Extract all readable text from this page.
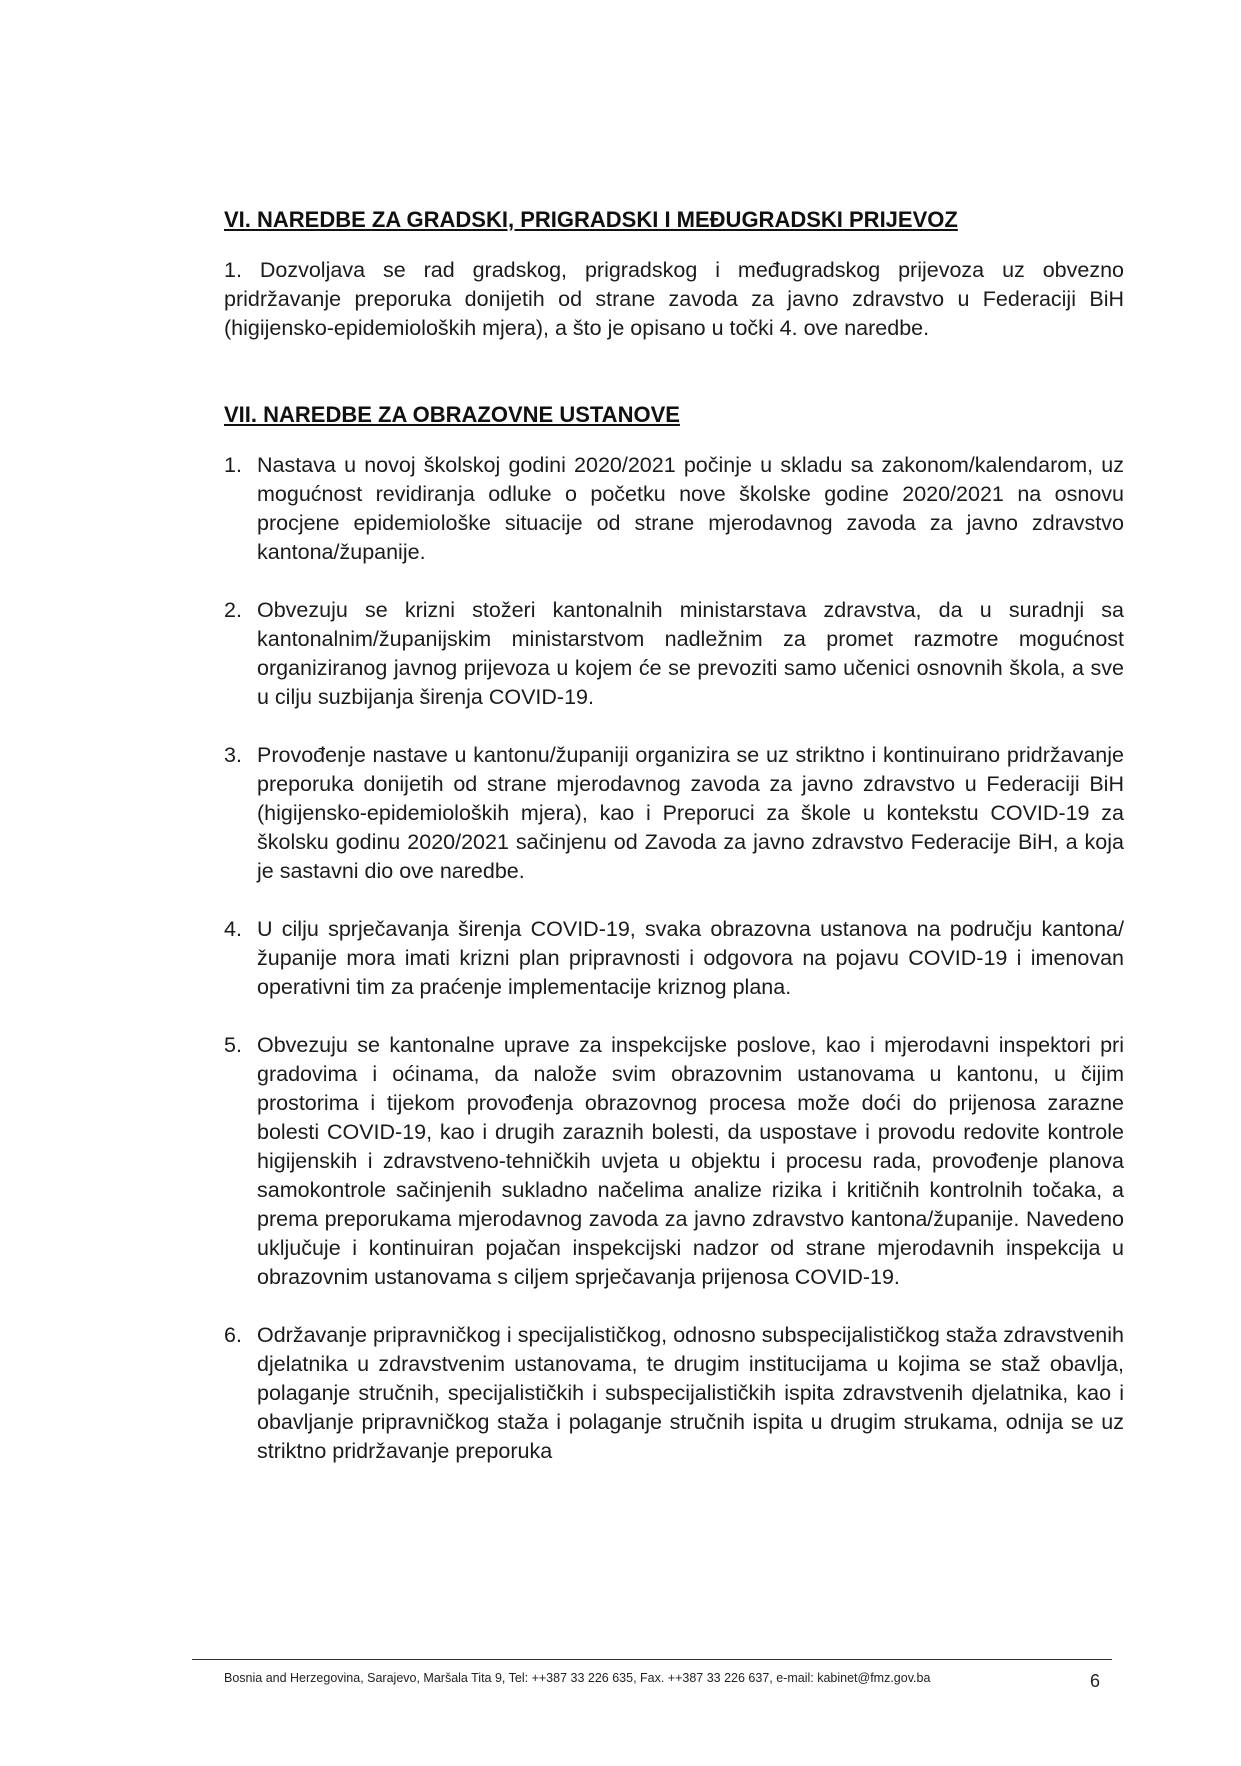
VI. NAREDBE ZA GRADSKI, PRIGRADSKI I MEĐUGRADSKI PRIJEVOZ

1. Dozvoljava se rad gradskog, prigradskog i međugradskog prijevoza uz obvezno pridržavanje preporuka donijetih od strane zavoda za javno zdravstvo u Federaciji BiH (higijensko-epidemioloških mjera), a što je opisano u točki 4. ove naredbe.

VII. NAREDBE ZA OBRAZOVNE USTANOVE
1. Nastava u novoj školskoj godini 2020/2021 počinje u skladu sa zakonom/kalendarom, uz mogućnost revidiranja odluke o početku nove školske godine 2020/2021 na osnovu procjene epidemiološke situacije od strane mjerodavnog zavoda za javno zdravstvo kantona/županije.
2. Obvezuju se krizni stožeri kantonalnih ministarstava zdravstva, da u suradnji sa kantonalnim/županijskim ministarstvom nadležnim za promet razmotre mogućnost organiziranog javnog prijevoza u kojem će se prevoziti samo učenici osnovnih škola, a sve u cilju suzbijanja širenja COVID-19.
3. Provođenje nastave u kantonu/županiji organizira se uz striktno i kontinuirano pridržavanje preporuka donijetih od strane mjerodavnog zavoda za javno zdravstvo u Federaciji BiH (higijensko-epidemioloških mjera), kao i Preporuci za škole u kontekstu COVID-19 za školsku godinu 2020/2021 sačinjenu od Zavoda za javno zdravstvo Federacije BiH, a koja je sastavni dio ove naredbe.
4. U cilju sprječavanja širenja COVID-19, svaka obrazovna ustanova na području kantona/županije mora imati krizni plan pripravnosti i odgovora na pojavu COVID-19 i imenovan operativni tim za praćenje implementacije kriznog plana.
5. Obvezuju se kantonalne uprave za inspekcijske poslove, kao i mjerodavni inspektori pri gradovima i oćinama, da nalože svim obrazovnim ustanovama u kantonu, u čijim prostorima i tijekom provođenja obrazovnog procesa može doći do prijenosa zarazne bolesti COVID-19, kao i drugih zaraznih bolesti, da uspostave i provodu redovite kontrole higijenskih i zdravstveno-tehničkih uvjeta u objektu i procesu rada, provođenje planova samokontrole sačinjenih sukladno načelima analize rizika i kritičnih kontrolnih točaka, a prema preporukama mjerodavnog zavoda za javno zdravstvo kantona/županije. Navedeno uključuje i kontinuiran pojačan inspekcijski nadzor od strane mjerodavnih inspekcija u obrazovnim ustanovama s ciljem sprječavanja prijenosa COVID-19.
6. Održavanje pripravničkog i specijalističkog, odnosno subspecijalističkog staža zdravstvenih djelatnika u zdravstvenim ustanovama, te drugim institucijama u kojima se staž obavlja, polaganje stručnih, specijalističkih i subspecijalističkih ispita zdravstvenih djelatnika, kao i obavljanje pripravničkog staža i polaganje stručnih ispita u drugim strukama, odnija se uz striktno pridržavanje preporuka
Bosnia and Herzegovina, Sarajevo, Maršala Tita 9, Tel: ++387 33 226 635, Fax. ++387 33 226 637, e-mail: kabinet@fmz.gov.ba	6
